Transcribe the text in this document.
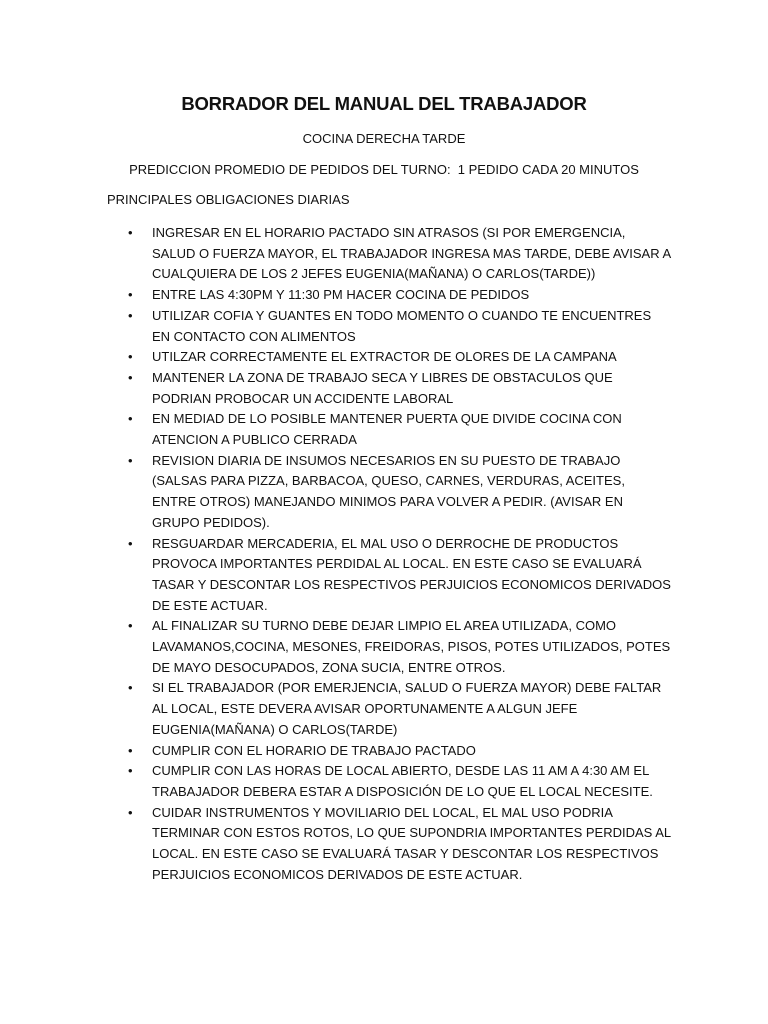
BORRADOR DEL MANUAL DEL TRABAJADOR
COCINA DERECHA TARDE
PREDICCION PROMEDIO DE PEDIDOS DEL TURNO:  1 PEDIDO CADA 20 MINUTOS
PRINCIPALES OBLIGACIONES DIARIAS
• INGRESAR EN EL HORARIO PACTADO SIN ATRASOS (SI POR EMERGENCIA, SALUD O FUERZA MAYOR, EL TRABAJADOR INGRESA MAS TARDE, DEBE AVISAR A CUALQUIERA DE LOS 2 JEFES EUGENIA(MAÑANA) O CARLOS(TARDE))
• ENTRE LAS 4:30PM Y 11:30 PM HACER COCINA DE PEDIDOS
• UTILIZAR COFIA Y GUANTES EN TODO MOMENTO O CUANDO TE ENCUENTRES EN CONTACTO CON ALIMENTOS
• UTILZAR CORRECTAMENTE EL EXTRACTOR DE OLORES DE LA CAMPANA
• MANTENER LA ZONA DE TRABAJO SECA Y LIBRES DE OBSTACULOS QUE PODRIAN PROBOCAR UN ACCIDENTE LABORAL
• EN MEDIAD DE LO POSIBLE MANTENER PUERTA QUE DIVIDE COCINA CON ATENCION A PUBLICO CERRADA
• REVISION DIARIA DE INSUMOS NECESARIOS EN SU PUESTO DE TRABAJO (SALSAS PARA PIZZA, BARBACOA, QUESO, CARNES, VERDURAS, ACEITES, ENTRE OTROS) MANEJANDO MINIMOS PARA VOLVER A PEDIR. (AVISAR EN GRUPO PEDIDOS).
• RESGUARDAR MERCADERIA, EL MAL USO O DERROCHE DE PRODUCTOS PROVOCA IMPORTANTES PERDIDAL AL LOCAL. EN ESTE CASO SE EVALUARÁ TASAR Y DESCONTAR LOS RESPECTIVOS PERJUICIOS ECONOMICOS DERIVADOS DE ESTE ACTUAR.
• AL FINALIZAR SU TURNO DEBE DEJAR LIMPIO EL AREA UTILIZADA, COMO LAVAMANOS,COCINA, MESONES, FREIDORAS, PISOS, POTES UTILIZADOS, POTES DE MAYO DESOCUPADOS, ZONA SUCIA, ENTRE OTROS.
• SI EL TRABAJADOR (POR EMERJENCIA, SALUD O FUERZA MAYOR) DEBE FALTAR AL LOCAL, ESTE DEVERA AVISAR OPORTUNAMENTE A ALGUN JEFE EUGENIA(MAÑANA) O CARLOS(TARDE)
• CUMPLIR CON EL HORARIO DE TRABAJO PACTADO
• CUMPLIR CON LAS HORAS DE LOCAL ABIERTO, DESDE LAS 11 AM A 4:30 AM EL TRABAJADOR DEBERA ESTAR A DISPOSICIÓN DE LO QUE EL LOCAL NECESITE.
• CUIDAR INSTRUMENTOS Y MOVILIARIO DEL LOCAL, EL MAL USO PODRIA TERMINAR CON ESTOS ROTOS, LO QUE SUPONDRIA IMPORTANTES PERDIDAS AL LOCAL. EN ESTE CASO SE EVALUARÁ TASAR Y DESCONTAR LOS RESPECTIVOS PERJUICIOS ECONOMICOS DERIVADOS DE ESTE ACTUAR.
